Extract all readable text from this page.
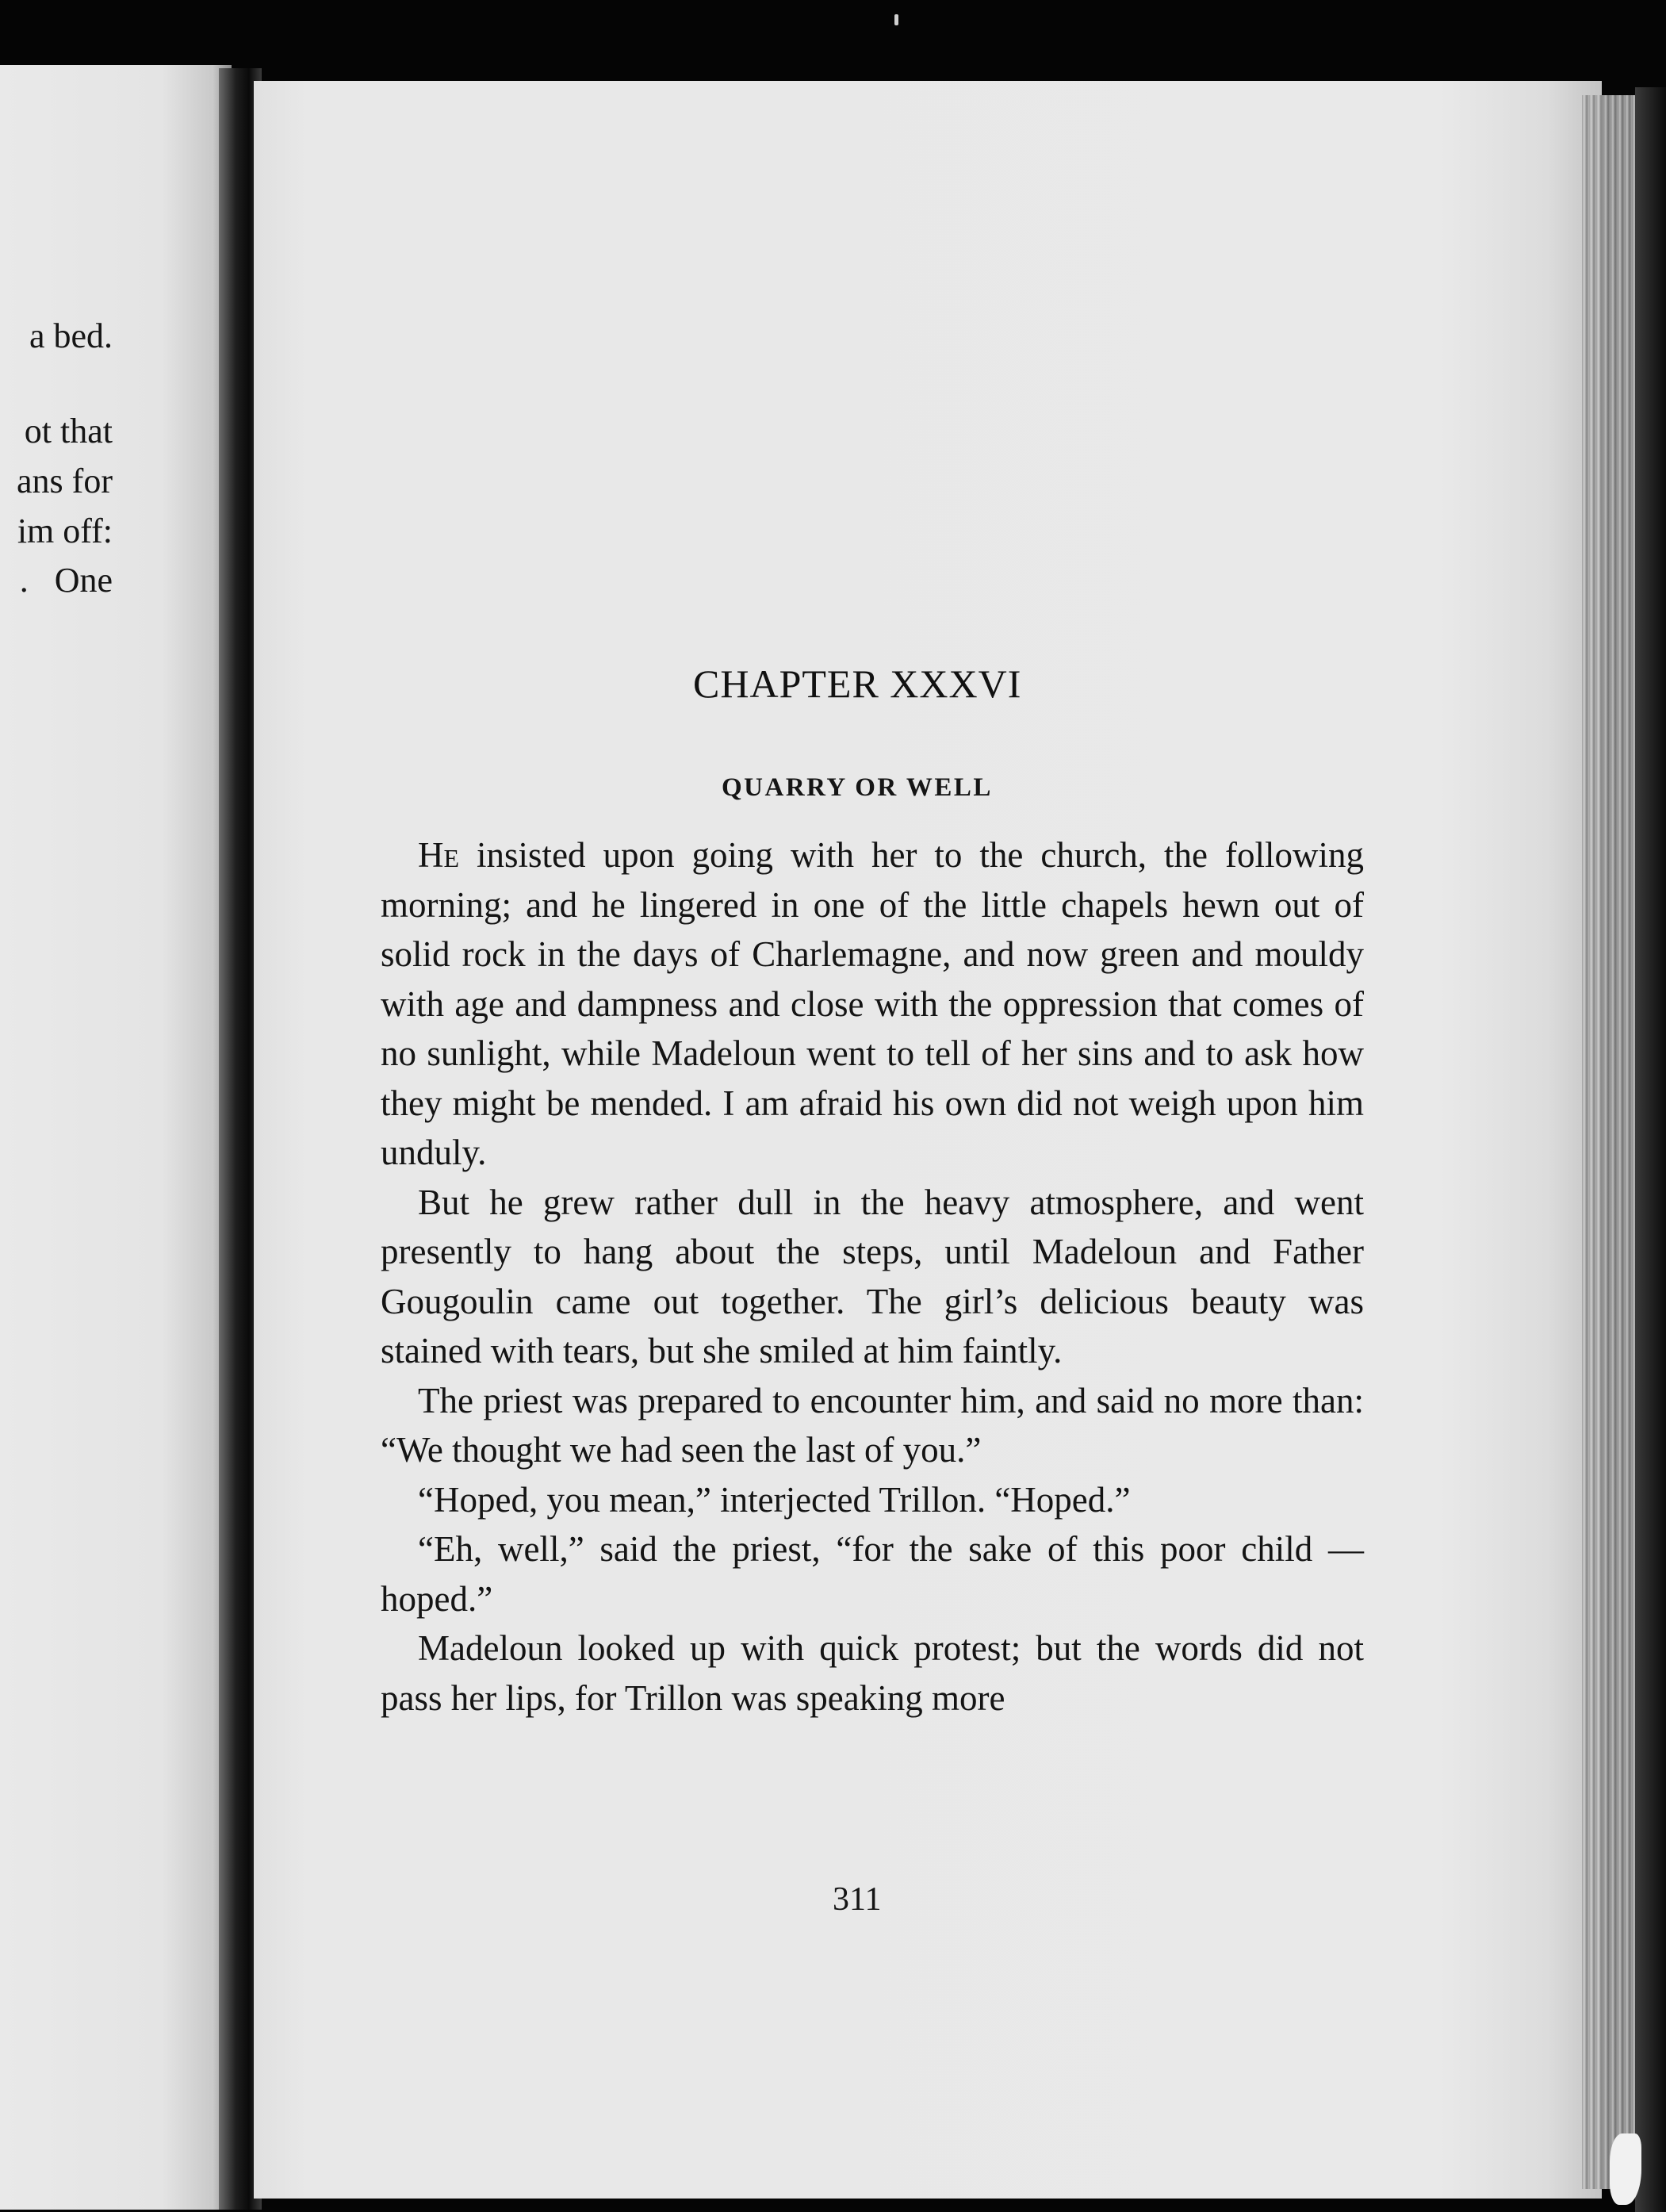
a bed.
ot that
ans for
im off:
.   One
CHAPTER XXXVI
QUARRY OR WELL

He insisted upon going with her to the church, the following morning; and he lingered in one of the little chapels hewn out of solid rock in the days of Charlemagne, and now green and mouldy with age and dampness and close with the oppression that comes of no sunlight, while Madeloun went to tell of her sins and to ask how they might be mended. I am afraid his own did not weigh upon him unduly.

But he grew rather dull in the heavy atmosphere, and went presently to hang about the steps, until Madeloun and Father Gougoulin came out together. The girl’s delicious beauty was stained with tears, but she smiled at him faintly.

The priest was prepared to encounter him, and said no more than: “We thought we had seen the last of you.”

“Hoped, you mean,” interjected Trillon. “Hoped.”

“Eh, well,” said the priest, “for the sake of this poor child — hoped.”

Madeloun looked up with quick protest; but the words did not pass her lips, for Trillon was speaking more

311
